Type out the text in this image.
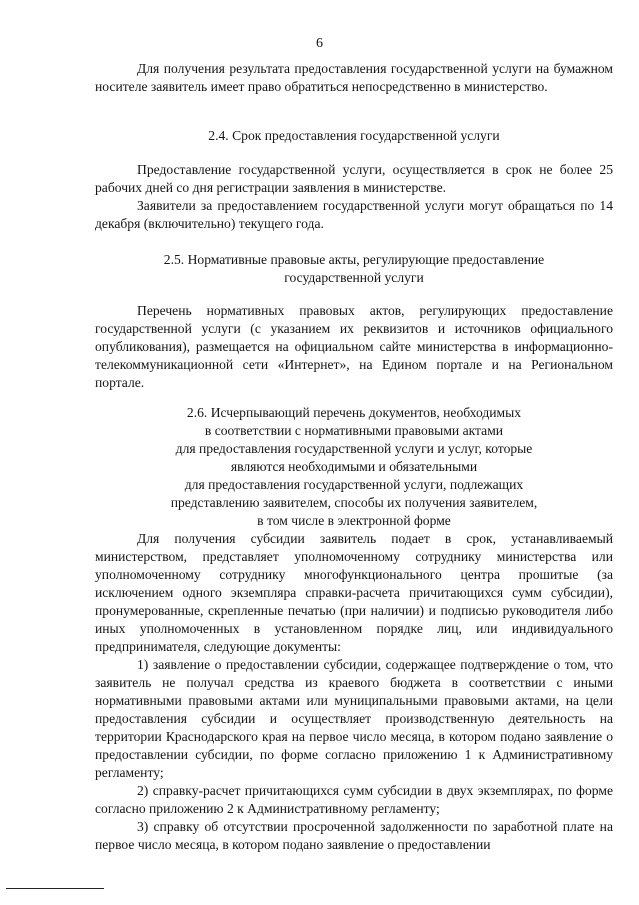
6

Для получения результата предоставления государственной услуги на бумажном носителе заявитель имеет право обратиться непосредственно в министерство.

2.4. Срок предоставления государственной услуги

Предоставление государственной услуги, осуществляется в срок не более 25 рабочих дней со дня регистрации заявления в министерстве.

Заявители за предоставлением государственной услуги могут обращаться по 14 декабря (включительно) текущего года.

2.5. Нормативные правовые акты, регулирующие предоставление
государственной услуги

Перечень нормативных правовых актов, регулирующих предоставление государственной услуги (с указанием их реквизитов и источников официального опубликования), размещается на официальном сайте министерства в информационно-телекоммуникационной сети «Интернет», на Едином портале и на Региональном портале.

2.6. Исчерпывающий перечень документов, необходимых
в соответствии с нормативными правовыми актами
для предоставления государственной услуги и услуг, которые
являются необходимыми и обязательными
для предоставления государственной услуги, подлежащих
представлению заявителем, способы их получения заявителем,
в том числе в электронной форме

Для получения субсидии заявитель подает в срок, устанавливаемый министерством, представляет уполномоченному сотруднику министерства или уполномоченному сотруднику многофункционального центра прошитые (за исключением одного экземпляра справки-расчета причитающихся сумм субсидии), пронумерованные, скрепленные печатью (при наличии) и подписью руководителя либо иных уполномоченных в установленном порядке лиц, или индивидуального предпринимателя, следующие документы:

1) заявление о предоставлении субсидии, содержащее подтверждение о том, что заявитель не получал средства из краевого бюджета в соответствии с иными нормативными правовыми актами или муниципальными правовыми актами, на цели предоставления субсидии и осуществляет производственную деятельность на территории Краснодарского края на первое число месяца, в котором подано заявление о предоставлении субсидии, по форме согласно приложению 1 к Административному регламенту;

2) справку-расчет причитающихся сумм субсидии в двух экземплярах, по форме согласно приложению 2 к Административному регламенту;

3) справку об отсутствии просроченной задолженности по заработной плате на первое число месяца, в котором подано заявление о предоставлении
